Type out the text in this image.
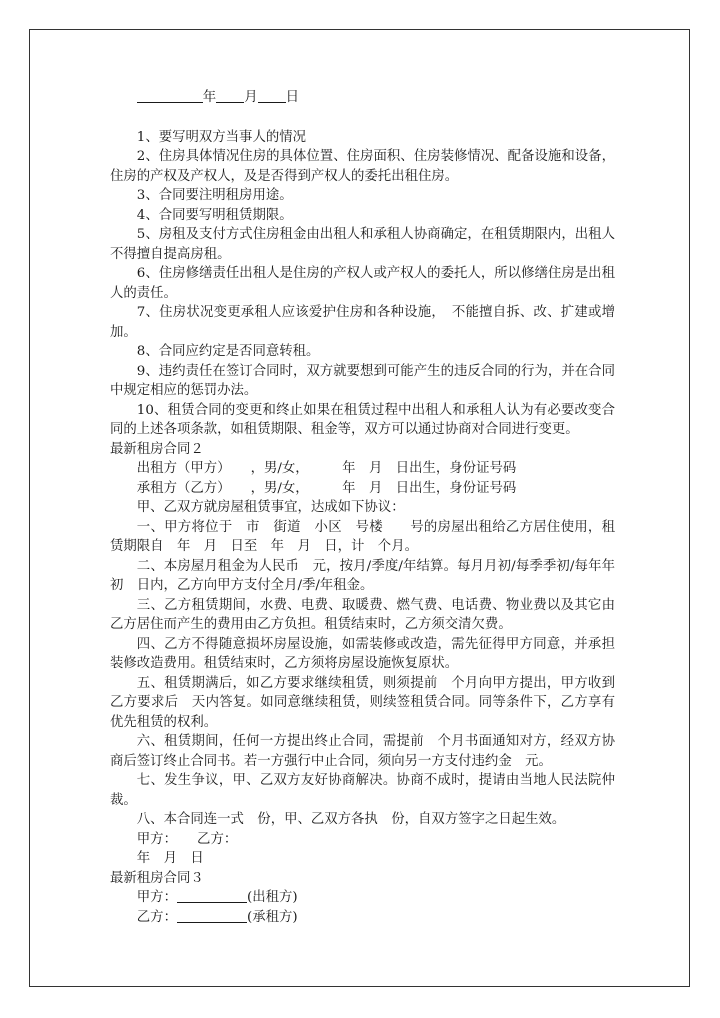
年 月 日

1、要写明双方当事人的情况

2、住房具体情况住房的具体位置、住房面积、住房装修情况、配备设施和设备，住房的产权及产权人，及是否得到产权人的委托出租住房。

3、合同要注明租房用途。

4、合同要写明租赁期限。

5、房租及支付方式住房租金由出租人和承租人协商确定，在租赁期限内，出租人不得擅自提高房租。

6、住房修缮责任出租人是住房的产权人或产权人的委托人，所以修缮住房是出租人的责任。

7、住房状况变更承租人应该爱护住房和各种设施，　不能擅自拆、改、扩建或增加。

8、合同应约定是否同意转租。

9、违约责任在签订合同时，双方就要想到可能产生的违反合同的行为，并在合同中规定相应的惩罚办法。

10、租赁合同的变更和终止如果在租赁过程中出租人和承租人认为有必要改变合同的上述各项条款，如租赁期限、租金等，双方可以通过协商对合同进行变更。

最新租房合同２

出租方（甲方）　　，男/女，　　　年　月　日出生，身份证号码

承租方（乙方）　　，男/女，　　　年　月　日出生，身份证号码

甲、乙双方就房屋租赁事宜，达成如下协议：

一、甲方将位于　市　街道　小区　号楼　　号的房屋出租给乙方居住使用，租赁期限自　年　月　日至　年　月　日，计　个月。

二、本房屋月租金为人民币　元，按月/季度/年结算。每月月初/每季季初/每年年初　日内，乙方向甲方支付全月/季/年租金。

三、乙方租赁期间，水费、电费、取暖费、燃气费、电话费、物业费以及其它由乙方居住而产生的费用由乙方负担。租赁结束时，乙方须交清欠费。

四、乙方不得随意损坏房屋设施，如需装修或改造，需先征得甲方同意，并承担装修改造费用。租赁结束时，乙方须将房屋设施恢复原状。

五、租赁期满后，如乙方要求继续租赁，则须提前　个月向甲方提出，甲方收到乙方要求后　天内答复。如同意继续租赁，则续签租赁合同。同等条件下，乙方享有优先租赁的权利。

六、租赁期间，任何一方提出终止合同，需提前　个月书面通知对方，经双方协商后签订终止合同书。若一方强行中止合同，须向另一方支付违约金　元。

七、发生争议，甲、乙双方友好协商解决。协商不成时，提请由当地人民法院仲裁。

八、本合同连一式　份，甲、乙双方各执　份，自双方签字之日起生效。

甲方：　　乙方：

年　月　日

最新租房合同３

甲方：	(出租方)

乙方：	(承租方)
